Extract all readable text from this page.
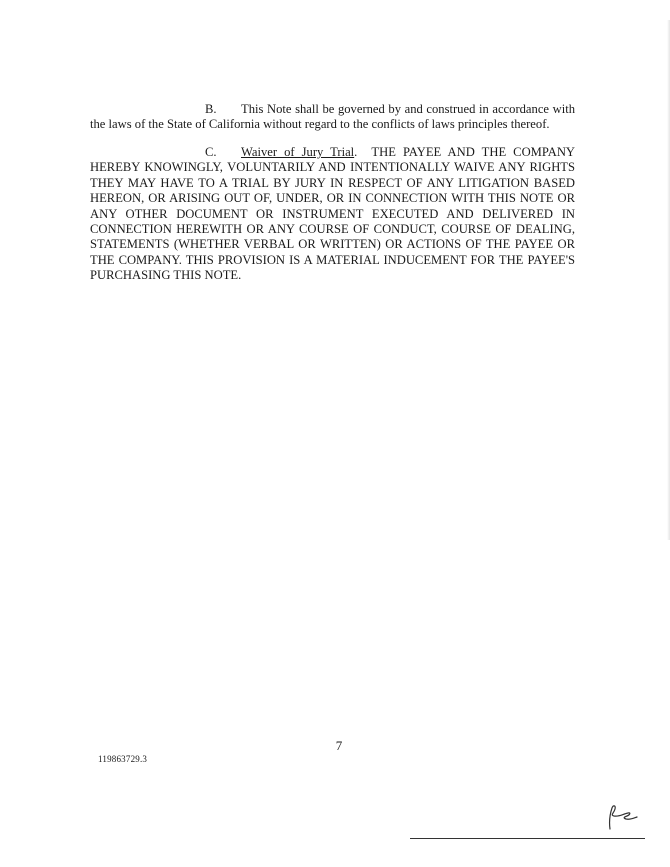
B. This Note shall be governed by and construed in accordance with the laws of the State of California without regard to the conflicts of laws principles thereof.

C. Waiver of Jury Trial. THE PAYEE AND THE COMPANY HEREBY KNOWINGLY, VOLUNTARILY AND INTENTIONALLY WAIVE ANY RIGHTS THEY MAY HAVE TO A TRIAL BY JURY IN RESPECT OF ANY LITIGATION BASED HEREON, OR ARISING OUT OF, UNDER, OR IN CONNECTION WITH THIS NOTE OR ANY OTHER DOCUMENT OR INSTRUMENT EXECUTED AND DELIVERED IN CONNECTION HEREWITH OR ANY COURSE OF CONDUCT, COURSE OF DEALING, STATEMENTS (WHETHER VERBAL OR WRITTEN) OR ACTIONS OF THE PAYEE OR THE COMPANY. THIS PROVISION IS A MATERIAL INDUCEMENT FOR THE PAYEE'S PURCHASING THIS NOTE.

7
119863729.3
